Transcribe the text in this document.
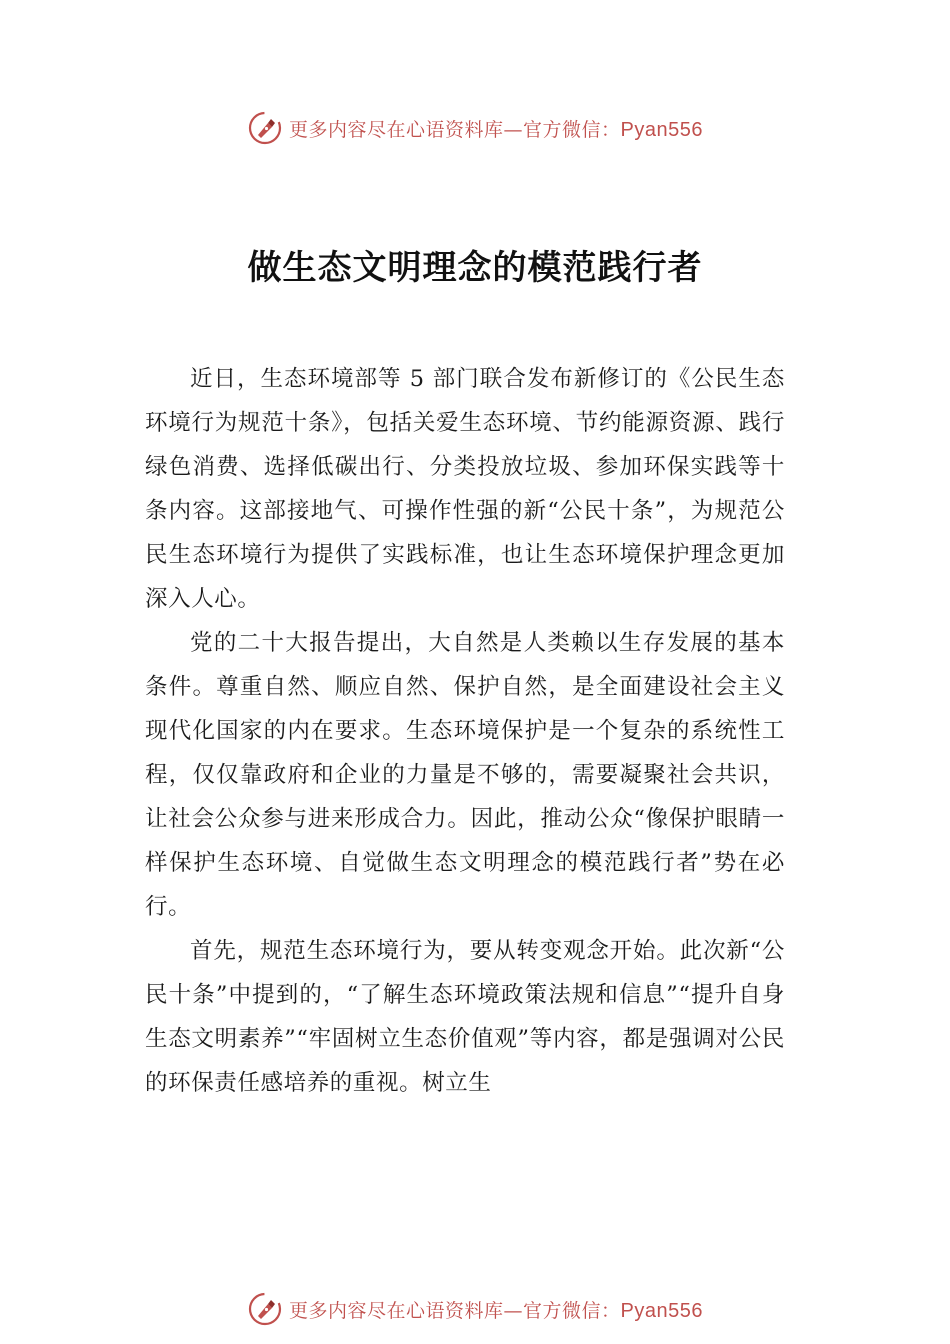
更多内容尽在心语资料库—官方微信：Pyan556
做生态文明理念的模范践行者

近日，生态环境部等 5 部门联合发布新修订的《公民生态环境行为规范十条》，包括关爱生态环境、节约能源资源、践行绿色消费、选择低碳出行、分类投放垃圾、参加环保实践等十条内容。这部接地气、可操作性强的新“公民十条”，为规范公民生态环境行为提供了实践标准，也让生态环境保护理念更加深入人心。

党的二十大报告提出，大自然是人类赖以生存发展的基本条件。尊重自然、顺应自然、保护自然，是全面建设社会主义现代化国家的内在要求。生态环境保护是一个复杂的系统性工程，仅仅靠政府和企业的力量是不够的，需要凝聚社会共识，让社会公众参与进来形成合力。因此，推动公众“像保护眼睛一样保护生态环境、自觉做生态文明理念的模范践行者”势在必行。

首先，规范生态环境行为，要从转变观念开始。此次新“公民十条”中提到的，“了解生态环境政策法规和信息”“提升自身生态文明素养”“牢固树立生态价值观”等内容，都是强调对公民的环保责任感培养的重视。树立生

更多内容尽在心语资料库—官方微信：Pyan556
